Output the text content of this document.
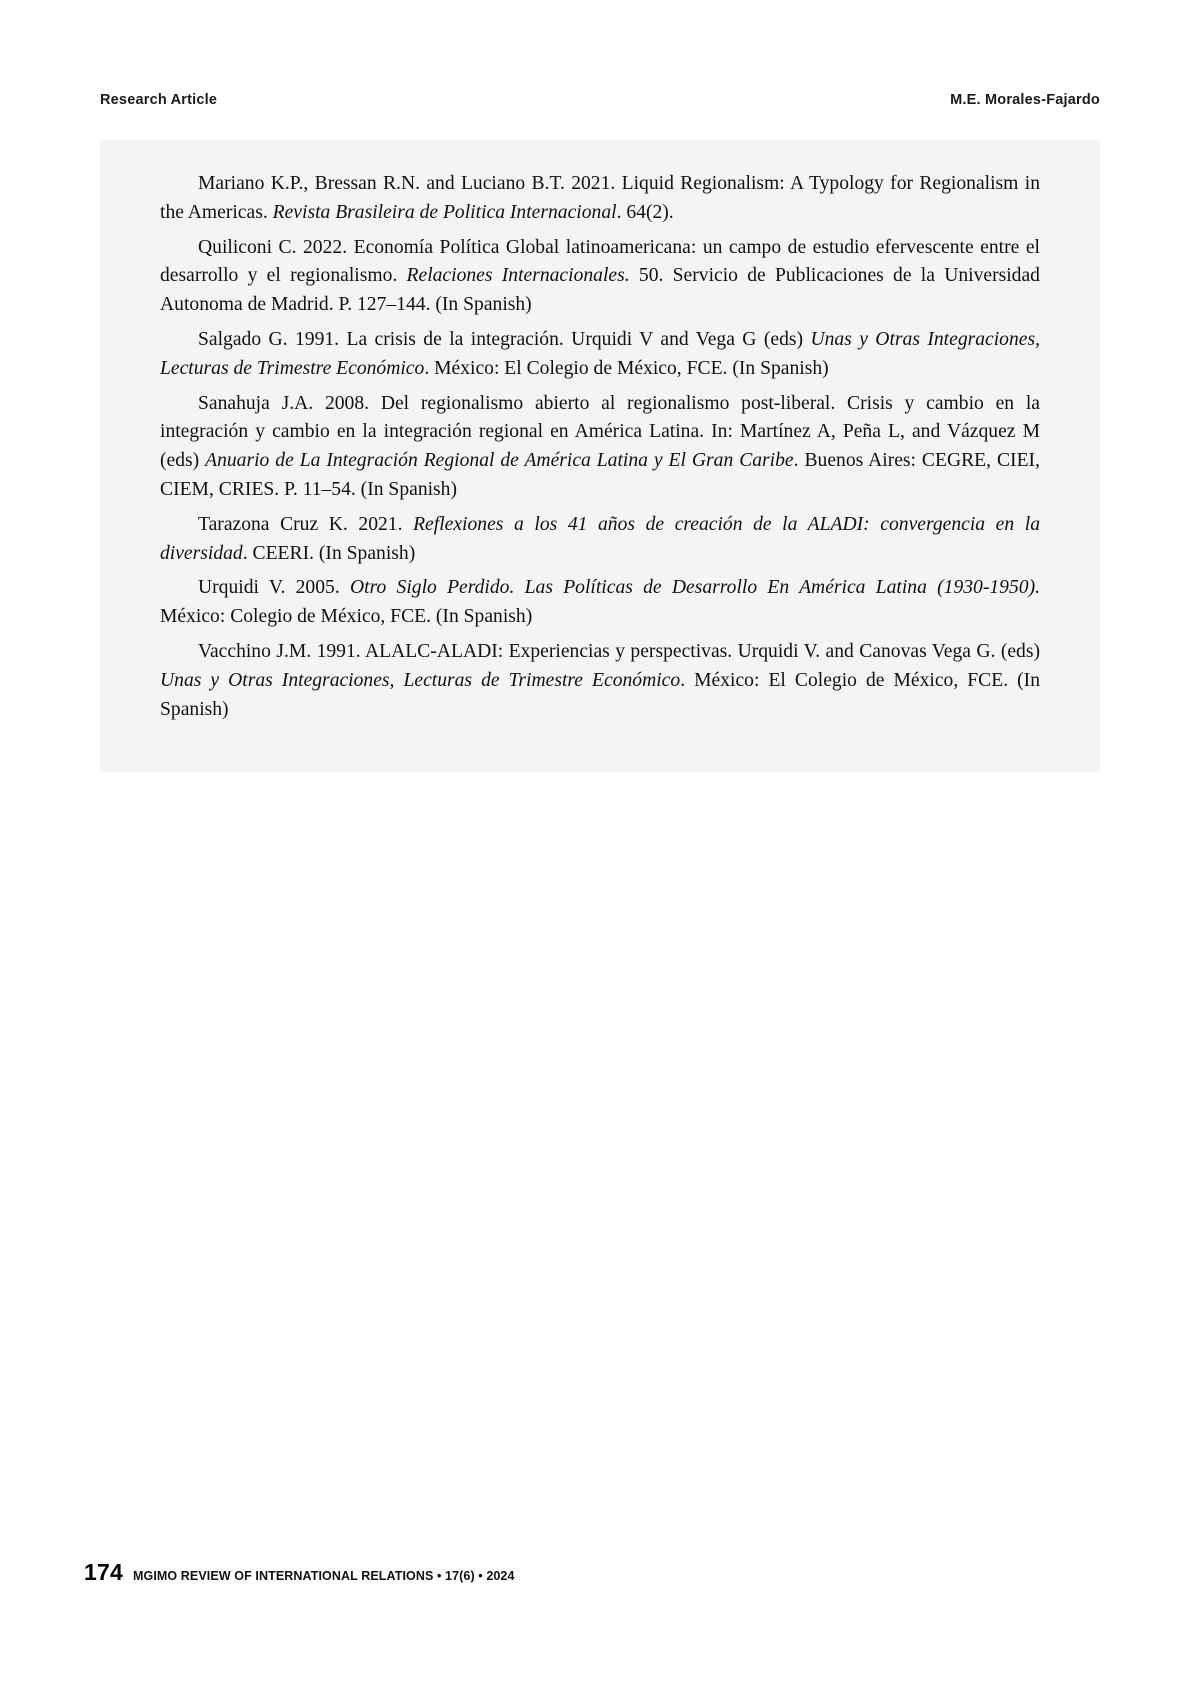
Research Article	M.E. Morales-Fajardo

Mariano K.P., Bressan R.N. and Luciano B.T. 2021. Liquid Regionalism: A Typology for Regionalism in the Americas. Revista Brasileira de Politica Internacional. 64(2).

Quiliconi C. 2022. Economía Política Global latinoamericana: un campo de estudio efervescente entre el desarrollo y el regionalismo. Relaciones Internacionales. 50. Servicio de Publicaciones de la Universidad Autonoma de Madrid. P. 127–144. (In Spanish)

Salgado G. 1991. La crisis de la integración. Urquidi V and Vega G (eds) Unas y Otras Integraciones, Lecturas de Trimestre Económico. México: El Colegio de México, FCE. (In Spanish)

Sanahuja J.A. 2008. Del regionalismo abierto al regionalismo post-liberal. Crisis y cambio en la integración y cambio en la integración regional en América Latina. In: Martínez A, Peña L, and Vázquez M (eds) Anuario de La Integración Regional de América Latina y El Gran Caribe. Buenos Aires: CEGRE, CIEI, CIEM, CRIES. P. 11–54. (In Spanish)

Tarazona Cruz K. 2021. Reflexiones a los 41 años de creación de la ALADI: convergencia en la diversidad. CEERI. (In Spanish)

Urquidi V. 2005. Otro Siglo Perdido. Las Políticas de Desarrollo En América Latina (1930-1950). México: Colegio de México, FCE. (In Spanish)

Vacchino J.M. 1991. ALALC-ALADI: Experiencias y perspectivas. Urquidi V. and Canovas Vega G. (eds) Unas y Otras Integraciones, Lecturas de Trimestre Económico. México: El Colegio de México, FCE. (In Spanish)

174 MGIMO REVIEW OF INTERNATIONAL RELATIONS • 17(6) • 2024
